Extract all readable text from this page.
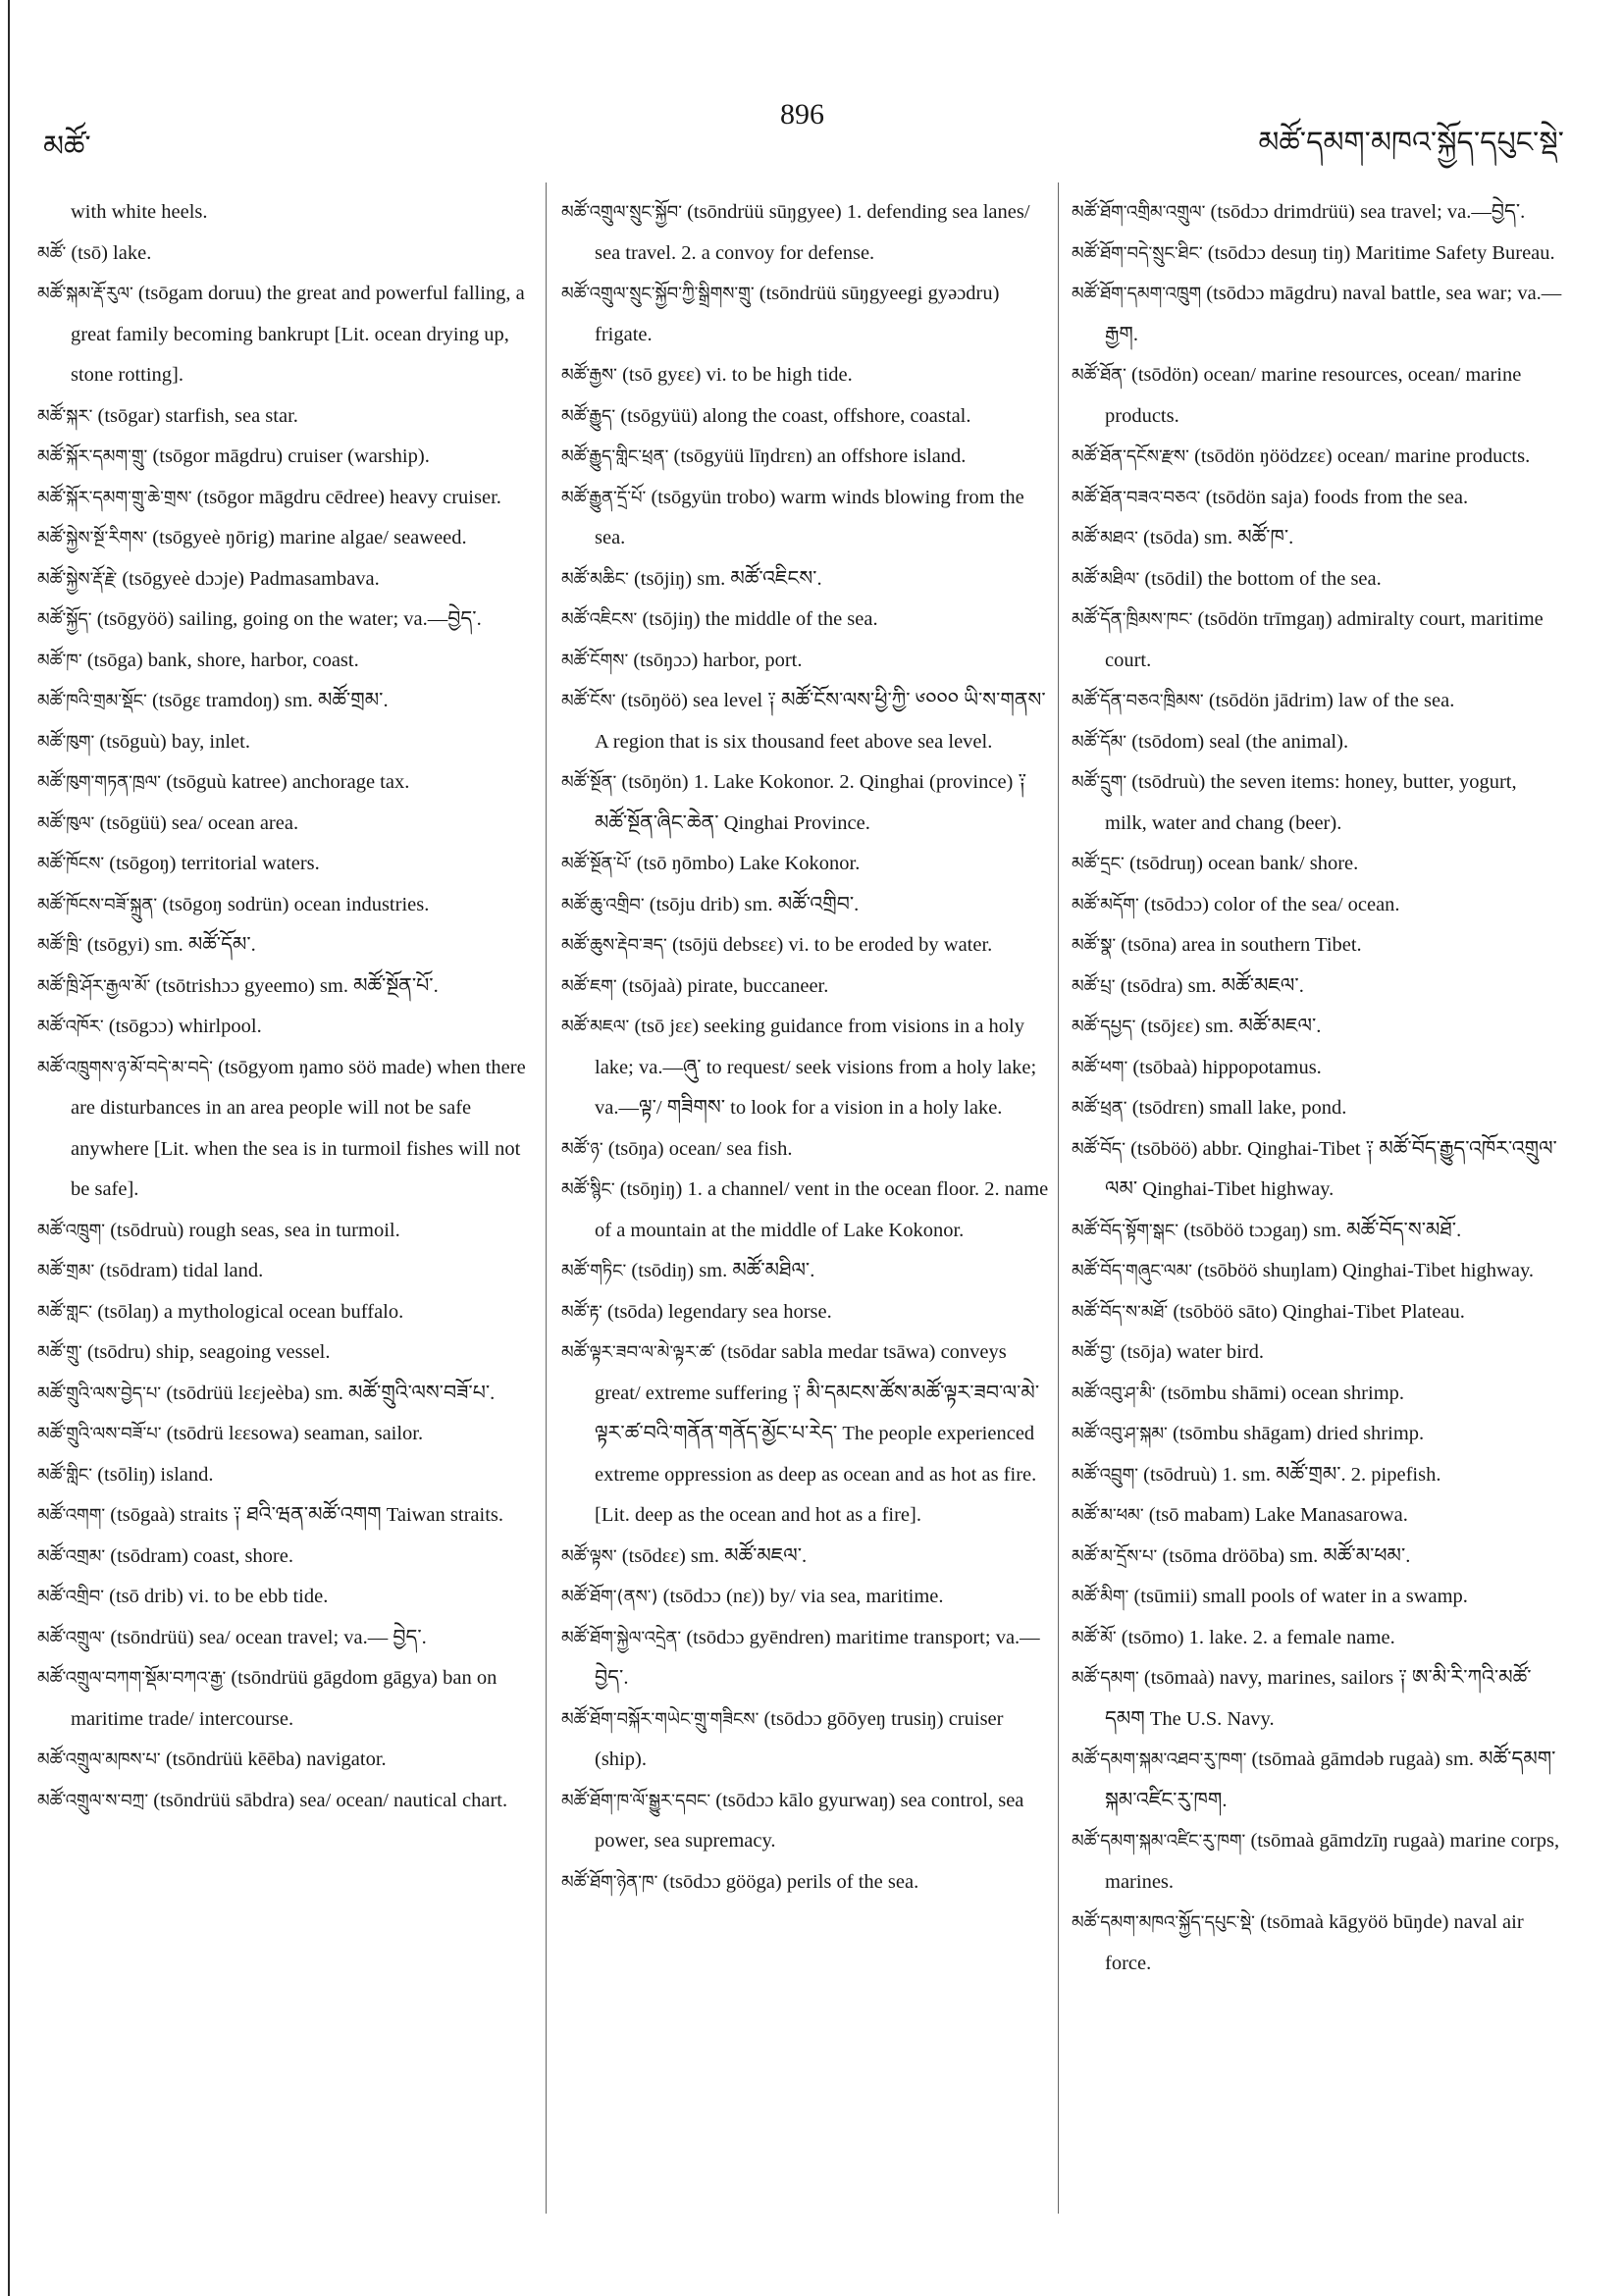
མཚོ་
896
མཚོ་དམག་མཁའ་སྐྱོད་དཔུང་སྡེ་

with white heels.

མཚོ་ (tsō) lake.

མཚོ་སྐམ་རྡོ་རུལ་ (tsōgam doruu) the great and powerful falling, a great family becoming bankrupt [Lit. ocean drying up, stone rotting].

མཚོ་སྐར་ (tsōgar) starfish, sea star.

མཚོ་སྐོར་དམག་གྲུ་ (tsōgor māgdru) cruiser (warship).

མཚོ་སྐོར་དམག་གྲུ་ཆེ་གྲས་ (tsōgor māgdru cēdree) heavy cruiser.

མཚོ་སྐྱེས་སྔོ་རིགས་ (tsōgyeè ŋōrig) marine algae/ seaweed.

མཚོ་སྐྱེས་རྡོ་རྗེ་ (tsōgyeè dɔɔje) Padmasambava.

མཚོ་སྐྱོད་ (tsōgyöö) sailing, going on the water; va.—བྱེད་.

མཚོ་ཁ་ (tsōga) bank, shore, harbor, coast.

མཚོ་ཁའི་གྲམ་སྡོང་ (tsōgɛ tramdoŋ) sm. མཚོ་གྲམ་.

མཚོ་ཁུག་ (tsōguù) bay, inlet.

མཚོ་ཁུག་གཏན་ཁྲལ་ (tsōguù katree) anchorage tax.

མཚོ་ཁུལ་ (tsōgüü) sea/ ocean area.

མཚོ་ཁོངས་ (tsōgoŋ) territorial waters.

མཚོ་ཁོངས་བཟོ་སྐྲུན་ (tsōgoŋ sodrün) ocean industries.

མཚོ་ཁྲི་ (tsōgyi) sm. མཚོ་དོམ་.

མཚོ་ཁྲི་ཤོར་རྒྱལ་མོ་ (tsōtrishɔɔ gyeemo) sm. མཚོ་སྔོན་པོ་.

མཚོ་འཁོར་ (tsōgɔɔ) whirlpool.

མཚོ་འཁྲུགས་ཉ་མོ་བདེ་མ་བདེ་ (tsōgyom ŋamo söö made) when there are disturbances in an area people will not be safe anywhere [Lit. when the sea is in turmoil fishes will not be safe].

མཚོ་འཁྲུག་ (tsōdruù) rough seas, sea in turmoil.

མཚོ་གྲམ་ (tsōdram) tidal land.

མཚོ་གླང་ (tsōlaŋ) a mythological ocean buffalo.

མཚོ་གྲུ་ (tsōdru) ship, seagoing vessel.

མཚོ་གྲུའི་ལས་བྱེད་པ་ (tsōdrüü lɛɛjeèba) sm. མཚོ་གྲུའི་ལས་བཟོ་པ་.

མཚོ་གྲུའི་ལས་བཟོ་པ་ (tsōdrü lɛɛsowa) seaman, sailor.

མཚོ་གླིང་ (tsōliŋ) island.

མཚོ་འགག་ (tsōgaà) straits ༑ ཐའི་ཝན་མཚོ་འགག Taiwan straits.

མཚོ་འགྲམ་ (tsōdram) coast, shore.

མཚོ་འགྲིབ་ (tsō drib) vi. to be ebb tide.

མཚོ་འགྲུལ་ (tsōndrüü) sea/ ocean travel; va.— བྱེད་.

མཚོ་འགྲུལ་བཀག་སྡོམ་བཀའ་རྒྱ་ (tsōndrüü gāgdom gāgya) ban on maritime trade/ intercourse.

མཚོ་འགྲུལ་མཁས་པ་ (tsōndrüü kēēba) navigator.

མཚོ་འགྲུལ་ས་བཀྲ་ (tsōndrüü sābdra) sea/ ocean/ nautical chart.

མཚོ་འགྲུལ་སྲུང་སྐྱོབ་ (tsōndrüü sūŋgyee) 1. defending sea lanes/ sea travel. 2. a convoy for defense.

མཚོ་འགྲུལ་སྲུང་སྐྱོབ་ཀྱི་སྒྲིགས་གྲུ་ (tsōndrüü sūŋgyeegi gyəɔdru) frigate.

མཚོ་རྒྱས་ (tsō gyɛɛ) vi. to be high tide.

མཚོ་རྒྱུད་ (tsōgyüü) along the coast, offshore, coastal.

མཚོ་རྒྱུད་གླིང་ཕྲན་ (tsōgyüü līŋdrɛn) an offshore island.

མཚོ་རྒྱུན་དྲོ་པོ་ (tsōgyün trobo) warm winds blowing from the sea.

མཚོ་མཆིང་ (tsōjiŋ) sm. མཚོ་འཇིངས་.

མཚོ་འཇིངས་ (tsōjiŋ) the middle of the sea.

མཚོ་ངོགས་ (tsōŋɔɔ) harbor, port.

མཚོ་ངོས་ (tsōŋöö) sea level ༑ མཚོ་ངོས་ལས་ཕྱི་ཀྱི་ ༦༠༠༠ ཡི་ས་གནས་ A region that is six thousand feet above sea level.

མཚོ་སྔོན་ (tsōŋön) 1. Lake Kokonor. 2. Qinghai (province) ༑ མཚོ་སྔོན་ཞིང་ཆེན་ Qinghai Province.

མཚོ་སྔོན་པོ་ (tsō ŋōmbo) Lake Kokonor.

མཚོ་ཆུ་འགྲིབ་ (tsōju drib) sm. མཚོ་འགྲིབ་.

མཚོ་ཆུས་རྡེབ་ཟད་ (tsōjü debsɛɛ) vi. to be eroded by water.

མཚོ་ཇག་ (tsōjaà) pirate, buccaneer.

མཚོ་མཇལ་ (tsō jɛɛ) seeking guidance from visions in a holy lake; va.—ཞུ་ to request/ seek visions from a holy lake; va.—ལྟ་/ གཟིགས་ to look for a vision in a holy lake.

མཚོ་ཉ་ (tsōŋa) ocean/ sea fish.

མཚོ་སྙིང་ (tsōŋiŋ) 1. a channel/ vent in the ocean floor. 2. name of a mountain at the middle of Lake Kokonor.

མཚོ་གཏིང་ (tsōdiŋ) sm. མཚོ་མཐིལ་.

མཚོ་རྟ་ (tsōda) legendary sea horse.

མཚོ་ལྟར་ཟབ་ལ་མེ་ལྟར་ཚ་ (tsōdar sabla medar tsāwa) conveys great/ extreme suffering ༑ མི་དམངས་ཚོས་མཚོ་ལྟར་ཟབ་ལ་མེ་ལྟར་ཚ་བའི་གནོན་གནོད་མྱོང་པ་རེད་ The people experienced extreme oppression as deep as ocean and as hot as fire. [Lit. deep as the ocean and hot as a fire].

མཚོ་ལྟས་ (tsōdɛɛ) sm. མཚོ་མཇལ་.

མཚོ་ཐོག་(ནས་) (tsōdɔɔ (nɛ)) by/ via sea, maritime.

མཚོ་ཐོག་སྐྱེལ་འདྲེན་ (tsōdɔɔ gyēndren) maritime transport; va.—བྱེད་.

མཚོ་ཐོག་བསྐོར་གཡེང་གྲུ་གཟིངས་ (tsōdɔɔ gōōyeŋ trusiŋ) cruiser (ship).

མཚོ་ཐོག་ཁ་ལོ་སྒྱུར་དབང་ (tsōdɔɔ kālo gyurwaŋ) sea control, sea power, sea supremacy.

མཚོ་ཐོག་ཉེན་ཁ་ (tsōdɔɔ gööga) perils of the sea.

མཚོ་ཐོག་འགྲིམ་འགྲུལ་ (tsōdɔɔ drimdrüü) sea travel; va.—བྱེད་.

མཚོ་ཐོག་བདེ་སྲུང་ཐིང་ (tsōdɔɔ desuŋ tiŋ) Maritime Safety Bureau.

མཚོ་ཐོག་དམག་འཁྲུག (tsōdɔɔ māgdru) naval battle, sea war; va.—རྒྱག.

མཚོ་ཐོན་ (tsōdön) ocean/ marine resources, ocean/ marine products.

མཚོ་ཐོན་དངོས་རྫས་ (tsōdön ŋöödzɛɛ) ocean/ marine products.

མཚོ་ཐོན་བཟའ་བཅའ་ (tsōdön saja) foods from the sea.

མཚོ་མཐའ་ (tsōda) sm. མཚོ་ཁ་.

མཚོ་མཐིལ་ (tsōdil) the bottom of the sea.

མཚོ་དོན་ཁྲིམས་ཁང་ (tsōdön trīmgaŋ) admiralty court, maritime court.

མཚོ་དོན་བཅའ་ཁྲིམས་ (tsōdön jādrim) law of the sea.

མཚོ་དོམ་ (tsōdom) seal (the animal).

མཚོ་དྲུག་ (tsōdruù) the seven items: honey, butter, yogurt, milk, water and chang (beer).

མཚོ་དྲང་ (tsōdruŋ) ocean bank/ shore.

མཚོ་མདོག་ (tsōdɔɔ) color of the sea/ ocean.

མཚོ་སྣ་ (tsōna) area in southern Tibet.

མཚོ་པྲ་ (tsōdra) sm. མཚོ་མཇལ་.

མཚོ་དཔྱད་ (tsōjɛɛ) sm. མཚོ་མཇལ་.

མཚོ་ཕག་ (tsōbaà) hippopotamus.

མཚོ་ཕྲན་ (tsōdrɛn) small lake, pond.

མཚོ་བོད་ (tsōböö) abbr. Qinghai-Tibet ༑ མཚོ་བོད་རྒྱུད་འཁོར་འགྲུལ་ལམ་ Qinghai-Tibet highway.

མཚོ་བོད་སྟོག་སྒང་ (tsōböö tɔɔgaŋ) sm. མཚོ་བོད་ས་མཐོ་.

མཚོ་བོད་གཞུང་ལམ་ (tsōböö shuŋlam) Qinghai-Tibet highway.

མཚོ་བོད་ས་མཐོ་ (tsōböö sāto) Qinghai-Tibet Plateau.

མཚོ་བྱ་ (tsōja) water bird.

མཚོ་འབུ་ཤ་མི་ (tsōmbu shāmi) ocean shrimp.

མཚོ་འབུ་ཤ་སྐམ་ (tsōmbu shāgam) dried shrimp.

མཚོ་འབྲུག་ (tsōdruù) 1. sm. མཚོ་གྲམ་. 2. pipefish.

མཚོ་མ་ཕམ་ (tsō mabam) Lake Manasarowa.

མཚོ་མ་དྲོས་པ་ (tsōma dröōba) sm. མཚོ་མ་ཕམ་.

མཚོ་མིག་ (tsūmii) small pools of water in a swamp.

མཚོ་མོ་ (tsōmo) 1. lake. 2. a female name.

མཚོ་དམག་ (tsōmaà) navy, marines, sailors ༑ ཨ་མི་རི་ཀའི་མཚོ་དམག The U.S. Navy.

མཚོ་དམག་སྐམ་འཐབ་རུ་ཁག་ (tsōmaà gāmdəb rugaà) sm. མཚོ་དམག་སྐམ་འཛིང་རུ་ཁག.

མཚོ་དམག་སྐམ་འཛིང་རུ་ཁག་ (tsōmaà gāmdzīŋ rugaà) marine corps, marines.

མཚོ་དམག་མཁའ་སྐྱོད་དཔུང་སྡེ་ (tsōmaà kāgyöö būŋde) naval air force.
